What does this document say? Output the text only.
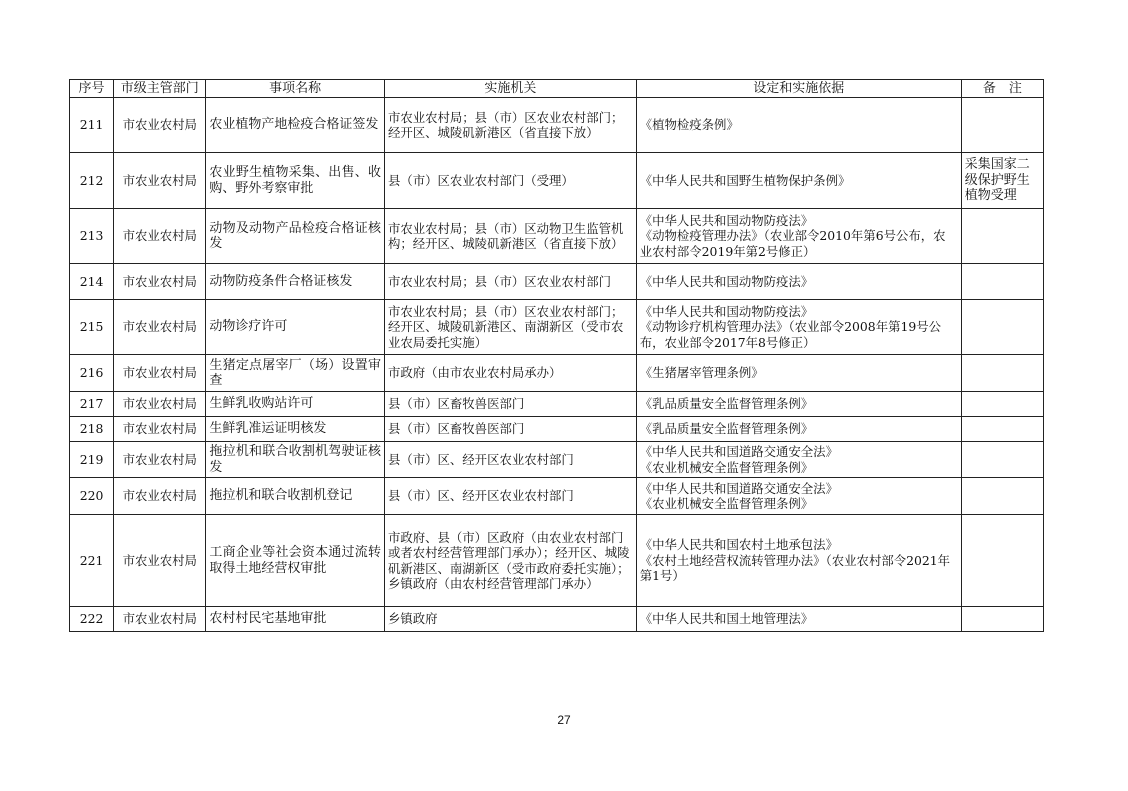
序号	市级主管部门	事项名称	实施机关	设定和实施依据	备　注
211	市农业农村局	农业植物产地检疫合格证签发	市农业农村局；县（市）区农业农村部门；经开区、城陵矶新港区（省直接下放）	《植物检疫条例》	
212	市农业农村局	农业野生植物采集、出售、收购、野外考察审批	县（市）区农业农村部门（受理）	《中华人民共和国野生植物保护条例》	采集国家二级保护野生植物受理
213	市农业农村局	动物及动物产品检疫合格证核发	市农业农村局；县（市）区动物卫生监管机构；经开区、城陵矶新港区（省直接下放）	《中华人民共和国动物防疫法》
《动物检疫管理办法》（农业部令2010年第6号公布，农业农村部令2019年第2号修正）	
214	市农业农村局	动物防疫条件合格证核发	市农业农村局；县（市）区农业农村部门	《中华人民共和国动物防疫法》	
215	市农业农村局	动物诊疗许可	市农业农村局；县（市）区农业农村部门；经开区、城陵矶新港区、南湖新区（受市农业农局委托实施）	《中华人民共和国动物防疫法》
《动物诊疗机构管理办法》（农业部令2008年第19号公布，农业部令2017年8号修正）	
216	市农业农村局	生猪定点屠宰厂（场）设置审查	市政府（由市农业农村局承办）	《生猪屠宰管理条例》	
217	市农业农村局	生鲜乳收购站许可	县（市）区畜牧兽医部门	《乳品质量安全监督管理条例》	
218	市农业农村局	生鲜乳准运证明核发	县（市）区畜牧兽医部门	《乳品质量安全监督管理条例》	
219	市农业农村局	拖拉机和联合收割机驾驶证核发	县（市）区、经开区农业农村部门	《中华人民共和国道路交通安全法》
《农业机械安全监督管理条例》	
220	市农业农村局	拖拉机和联合收割机登记	县（市）区、经开区农业农村部门	《中华人民共和国道路交通安全法》
《农业机械安全监督管理条例》	
221	市农业农村局	工商企业等社会资本通过流转取得土地经营权审批	市政府、县（市）区政府（由农业农村部门或者农村经营管理部门承办）；经开区、城陵矶新港区、南湖新区（受市政府委托实施）；乡镇政府（由农村经营管理部门承办）	《中华人民共和国农村土地承包法》
《农村土地经营权流转管理办法》（农业农村部令2021年第1号）	
222	市农业农村局	农村村民宅基地审批	乡镇政府	《中华人民共和国土地管理法》	
27
